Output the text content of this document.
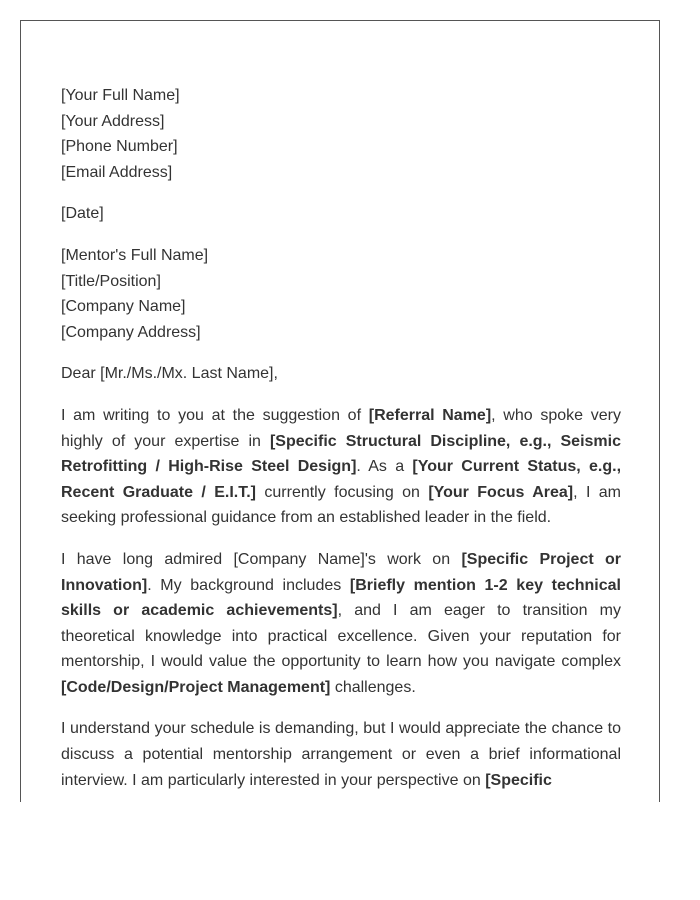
[Your Full Name]
[Your Address]
[Phone Number]
[Email Address]
[Date]
[Mentor's Full Name]
[Title/Position]
[Company Name]
[Company Address]
Dear [Mr./Ms./Mx. Last Name],

I am writing to you at the suggestion of [Referral Name], who spoke very highly of your expertise in [Specific Structural Discipline, e.g., Seismic Retrofitting / High-Rise Steel Design]. As a [Your Current Status, e.g., Recent Graduate / E.I.T.] currently focusing on [Your Focus Area], I am seeking professional guidance from an established leader in the field.

I have long admired [Company Name]'s work on [Specific Project or Innovation]. My background includes [Briefly mention 1-2 key technical skills or academic achievements], and I am eager to transition my theoretical knowledge into practical excellence. Given your reputation for mentorship, I would value the opportunity to learn how you navigate complex [Code/Design/Project Management] challenges.

I understand your schedule is demanding, but I would appreciate the chance to discuss a potential mentorship arrangement or even a brief informational interview. I am particularly interested in your perspective on [Specific
